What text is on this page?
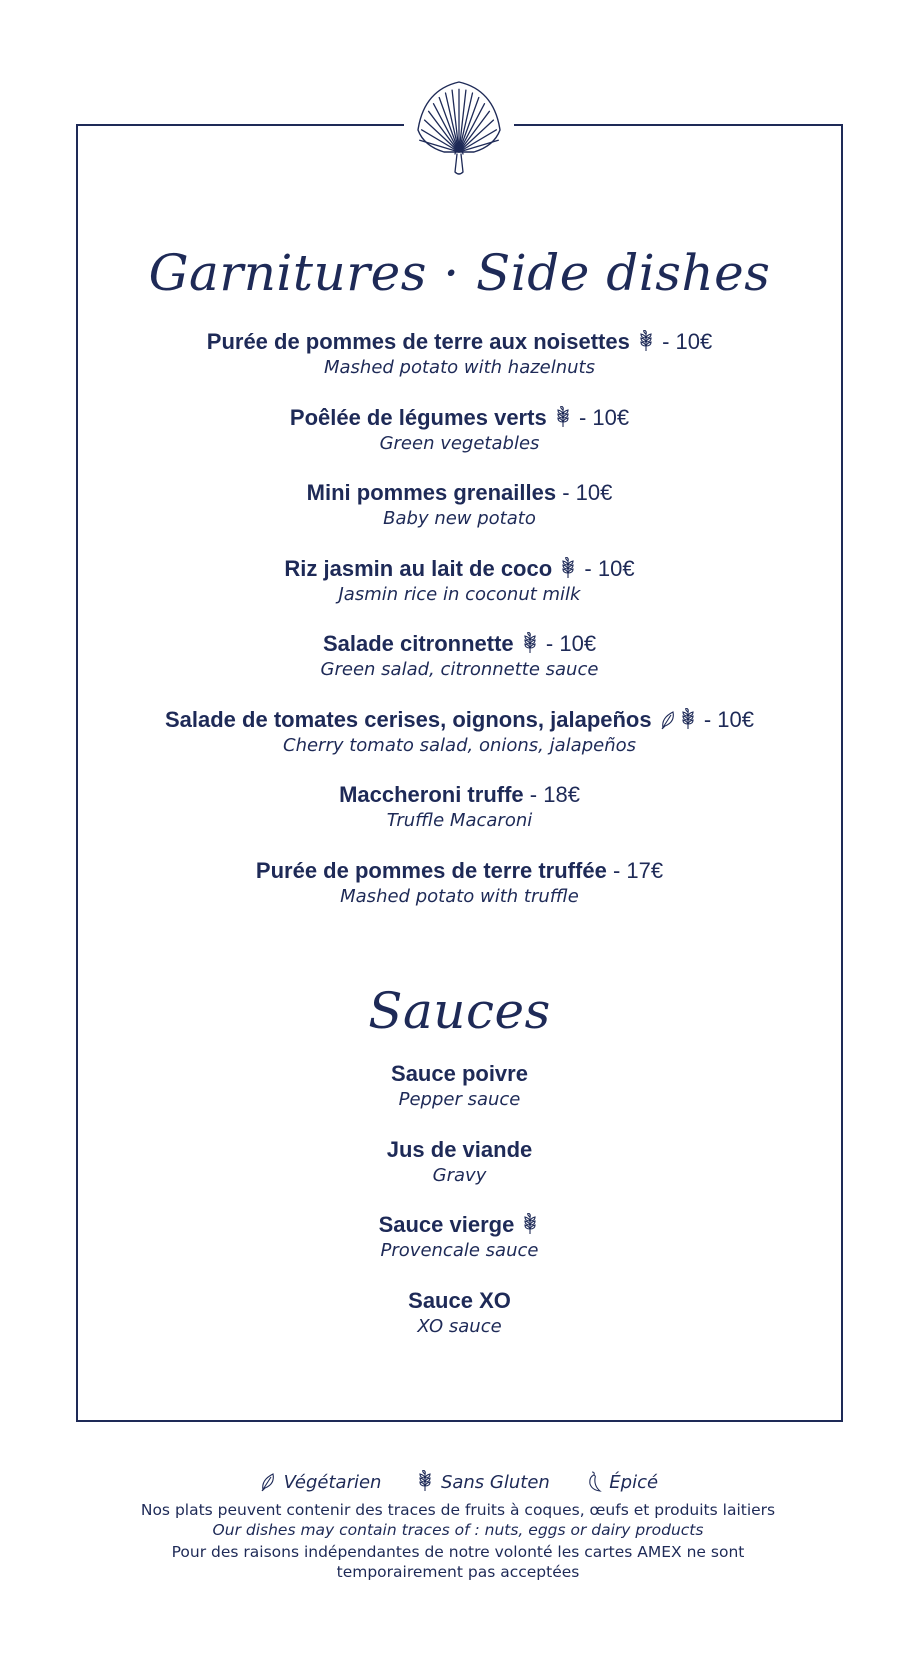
Garnitures · Side dishes
Purée de pommes de terre aux noisettes - 10€
Mashed potato with hazelnuts
Poêlée de légumes verts - 10€
Green vegetables
Mini pommes grenailles - 10€
Baby new potato
Riz jasmin au lait de coco - 10€
Jasmin rice in coconut milk
Salade citronnette - 10€
Green salad, citronnette sauce
Salade de tomates cerises, oignons, jalapeños - 10€
Cherry tomato salad, onions, jalapeños
Maccheroni truffe - 18€
Truffle Macaroni
Purée de pommes de terre truffée - 17€
Mashed potato with truffle
Sauces
Sauce poivre
Pepper sauce
Jus de viande
Gravy
Sauce vierge
Provencale sauce
Sauce XO
XO sauce
Végétarien	Sans Gluten	Épicé
Nos plats peuvent contenir des traces de fruits à coques, œufs et produits laitiers
Our dishes may contain traces of : nuts, eggs or dairy products
Pour des raisons indépendantes de notre volonté les cartes AMEX ne sont
temporairement pas acceptées
